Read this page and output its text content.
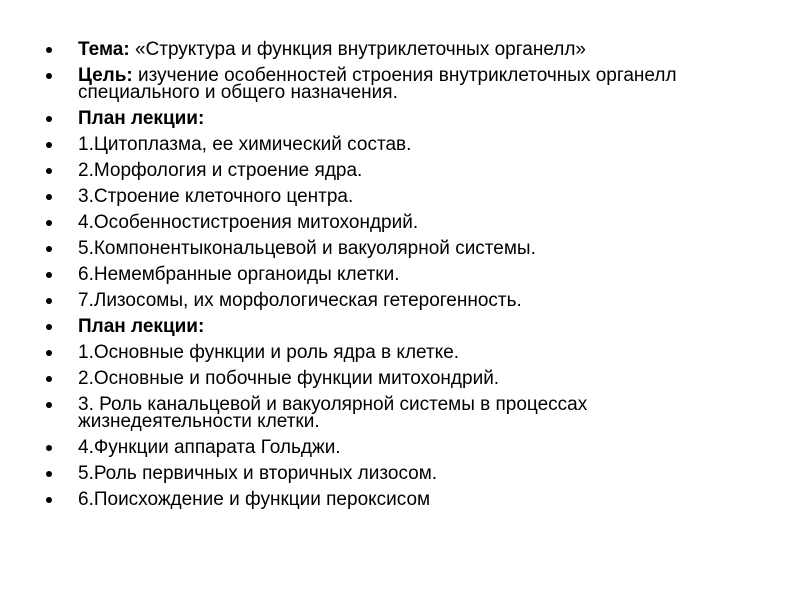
Тема: «Структура и функция внутриклеточных органелл»
Цель: изучение особенностей строения внутриклеточных органелл специального и общего назначения.
План лекции:
1.Цитоплазма, ее химический состав.
2.Морфология и строение ядра.
3.Строение клеточного центра.
4.Особенностистроения митохондрий.
5.Компонентыкональцевой и вакуолярной системы.
6.Немембранные органоиды клетки.
7.Лизосомы, их морфологическая гетерогенность.
План лекции:
1.Основные функции и роль ядра в клетке.
2.Основные и побочные функции митохондрий.
3. Роль канальцевой и вакуолярной системы в процессах жизнедеятельности клетки.
4.Функции аппарата Гольджи.
5.Роль первичных и вторичных лизосом.
6.Поисхождение и функции пероксисом
